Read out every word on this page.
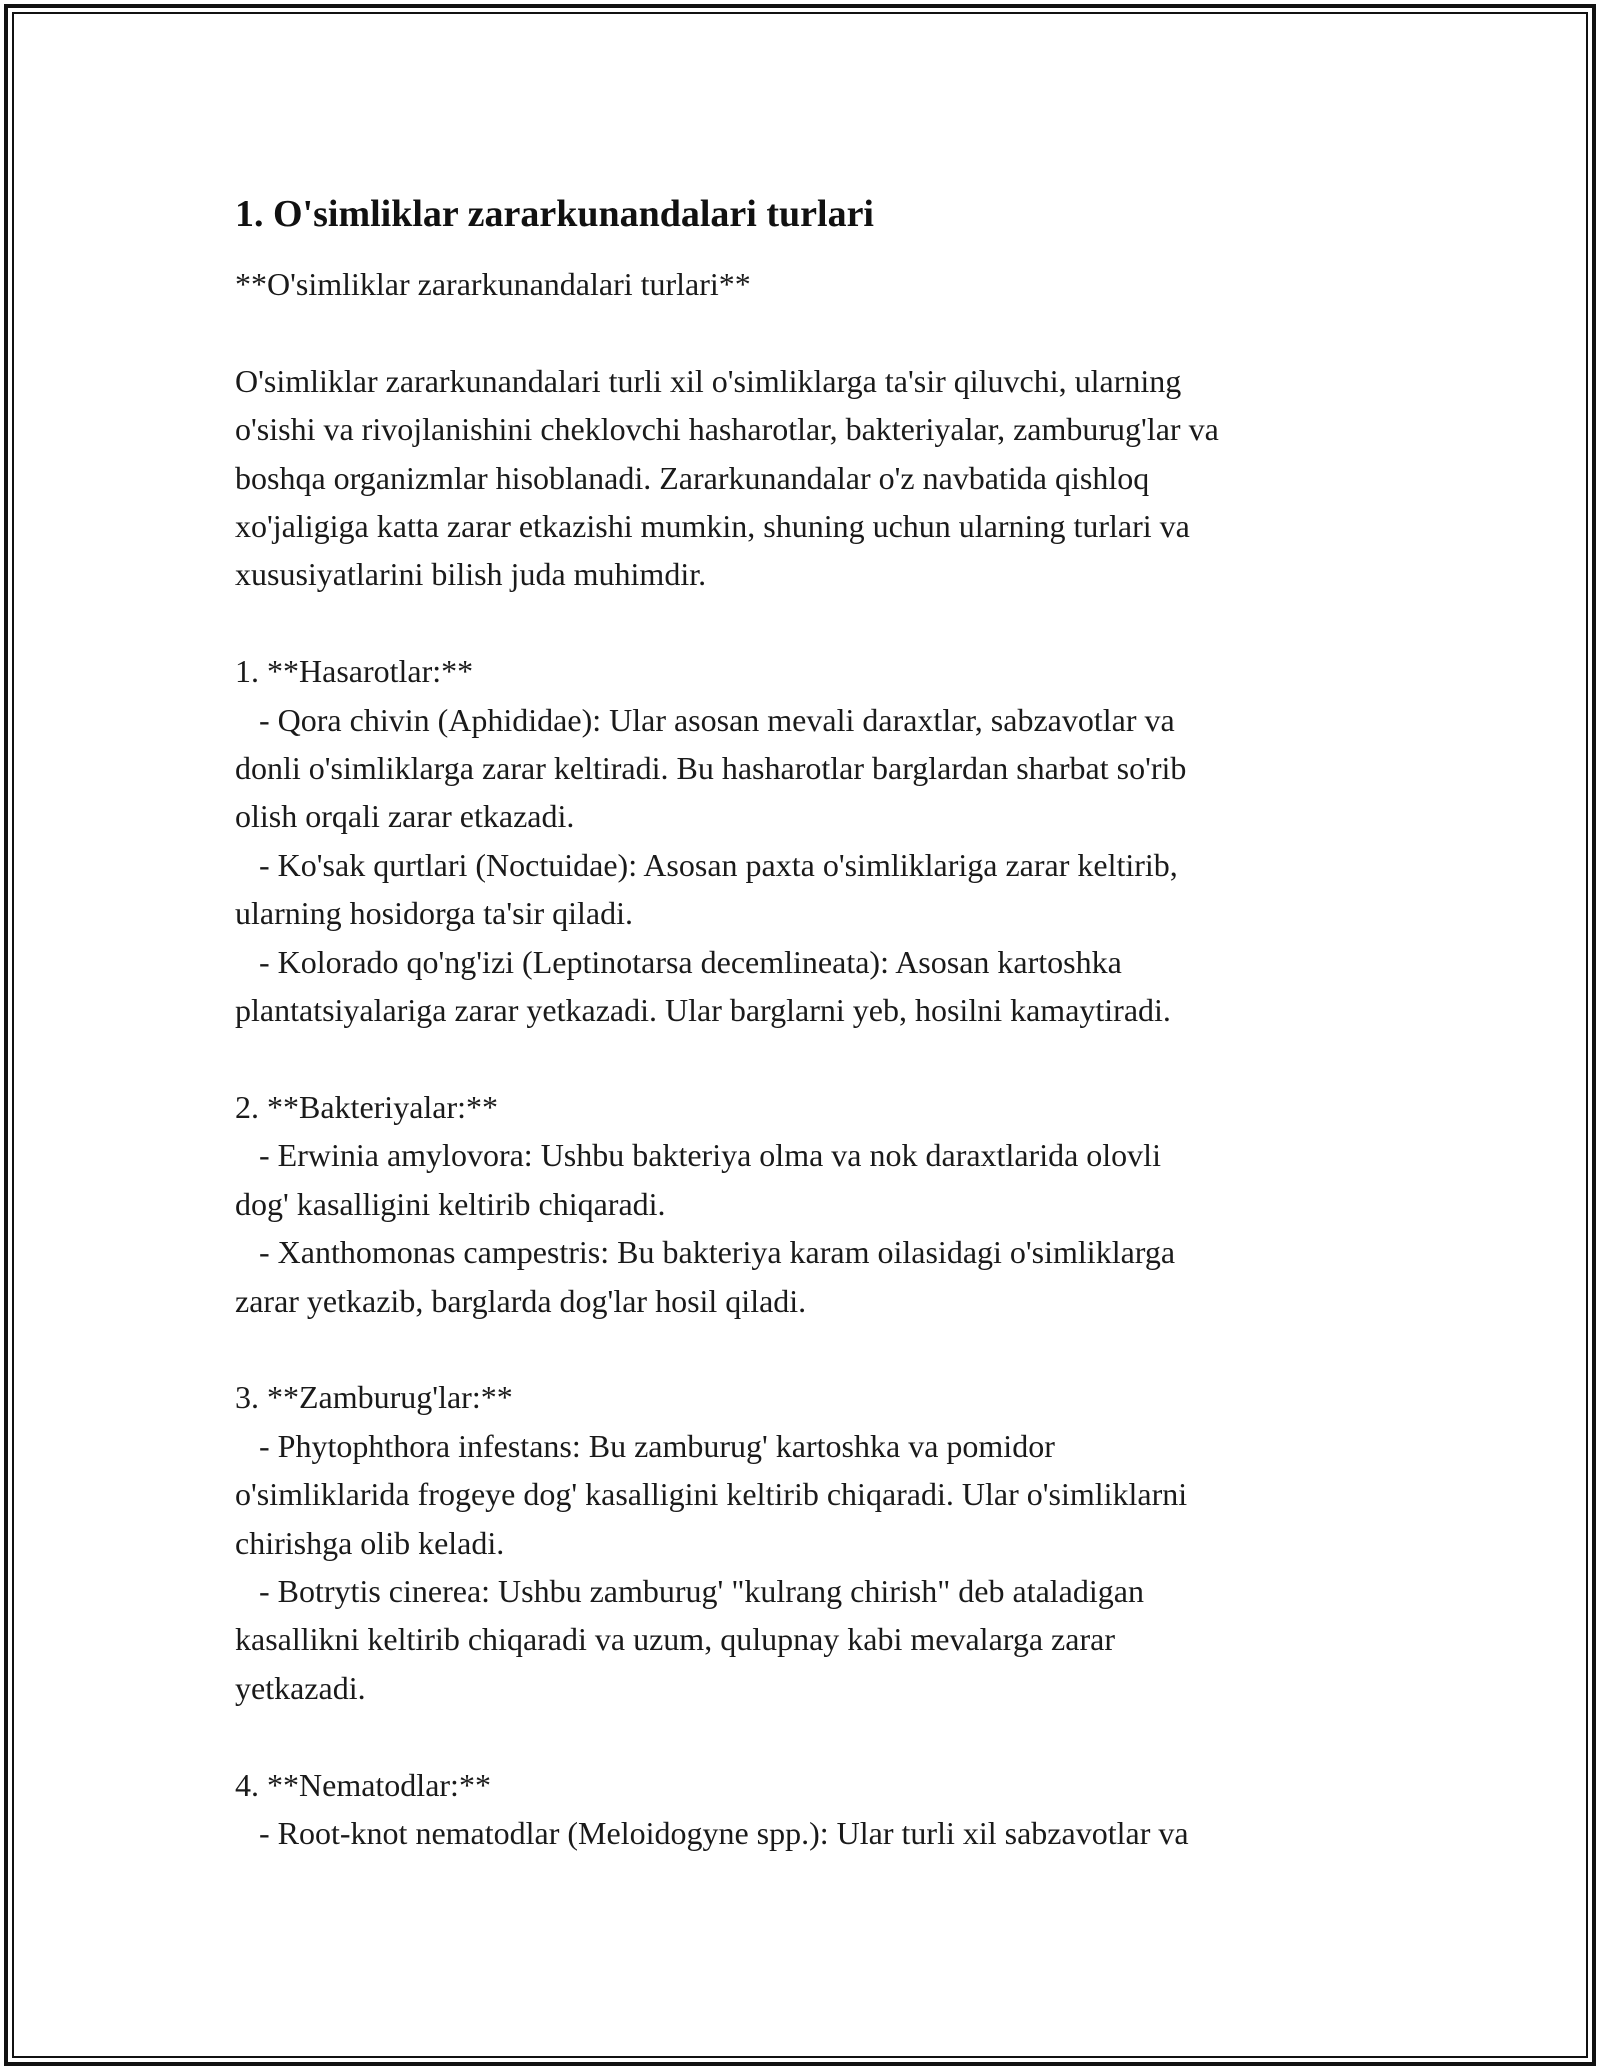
1. O'simliklar zararkunandalari turlari
**O'simliklar zararkunandalari turlari**

O'simliklar zararkunandalari turli xil o'simliklarga ta'sir qiluvchi, ularning
o'sishi va rivojlanishini cheklovchi hasharotlar, bakteriyalar, zamburug'lar va
boshqa organizmlar hisoblanadi. Zararkunandalar o'z navbatida qishloq
xo'jaligiga katta zarar etkazishi mumkin, shuning uchun ularning turlari va
xususiyatlarini bilish juda muhimdir.

1. **Hasarotlar:**
- Qora chivin (Aphididae): Ular asosan mevali daraxtlar, sabzavotlar va
donli o'simliklarga zarar keltiradi. Bu hasharotlar barglardan sharbat so'rib
olish orqali zarar etkazadi.
- Ko'sak qurtlari (Noctuidae): Asosan paxta o'simliklariga zarar keltirib,
ularning hosidorga ta'sir qiladi.
- Kolorado qo'ng'izi (Leptinotarsa decemlineata): Asosan kartoshka
plantatsiyalariga zarar yetkazadi. Ular barglarni yeb, hosilni kamaytiradi.

2. **Bakteriyalar:**
- Erwinia amylovora: Ushbu bakteriya olma va nok daraxtlarida olovli
dog' kasalligini keltirib chiqaradi.
- Xanthomonas campestris: Bu bakteriya karam oilasidagi o'simliklarga
zarar yetkazib, barglarda dog'lar hosil qiladi.

3. **Zamburug'lar:**
- Phytophthora infestans: Bu zamburug' kartoshka va pomidor
o'simliklarida frogeye dog' kasalligini keltirib chiqaradi. Ular o'simliklarni
chirishga olib keladi.
- Botrytis cinerea: Ushbu zamburug' "kulrang chirish" deb ataladigan
kasallikni keltirib chiqaradi va uzum, qulupnay kabi mevalarga zarar
yetkazadi.

4. **Nematodlar:**
- Root-knot nematodlar (Meloidogyne spp.): Ular turli xil sabzavotlar va
